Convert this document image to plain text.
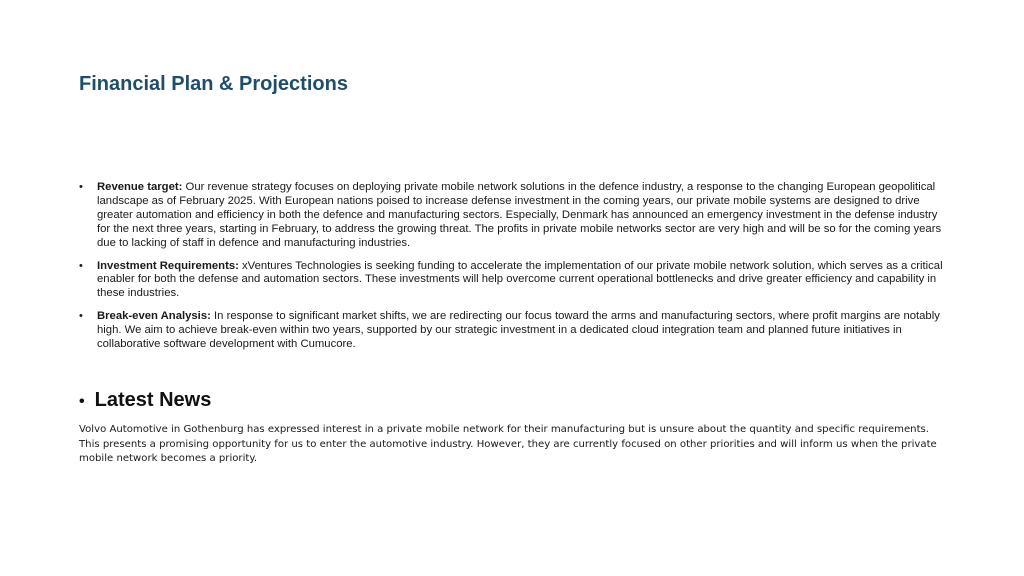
Financial Plan & Projections
• Revenue target: Our revenue strategy focuses on deploying private mobile network solutions in the defence industry, a response to the changing European geopolitical landscape as of February 2025. With European nations poised to increase defense investment in the coming years, our private mobile systems are designed to drive greater automation and efficiency in both the defence and manufacturing sectors. Especially, Denmark has announced an emergency investment in the defense industry for the next three years, starting in February, to address the growing threat. The profits in private mobile networks sector are very high and will be so for the coming years due to lacking of staff in defence and manufacturing industries.
• Investment Requirements: xVentures Technologies is seeking funding to accelerate the implementation of our private mobile network solution, which serves as a critical enabler for both the defense and automation sectors. These investments will help overcome current operational bottlenecks and drive greater efficiency and capability in these industries.
• Break-even Analysis: In response to significant market shifts, we are redirecting our focus toward the arms and manufacturing sectors, where profit margins are notably high. We aim to achieve break-even within two years, supported by our strategic investment in a dedicated cloud integration team and planned future initiatives in collaborative software development with Cumucore.
• Latest News

Volvo Automotive in Gothenburg has expressed interest in a private mobile network for their manufacturing but is unsure about the quantity and specific requirements. This presents a promising opportunity for us to enter the automotive industry. However, they are currently focused on other priorities and will inform us when the private mobile network becomes a priority.
